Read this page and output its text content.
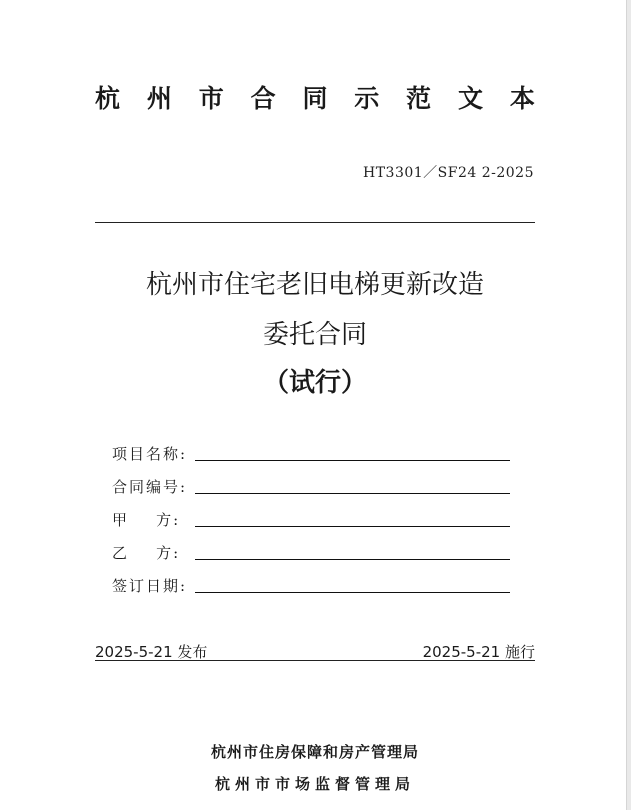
杭 州 市 合 同 示 范 文 本
HT3301／SF24 2-2025
杭州市住宅老旧电梯更新改造
委托合同
（试行）
项目名称:
合同编号:
甲    方:
乙    方:
签订日期:
2025-5-21 发布	2025-5-21 施行
杭州市住房保障和房产管理局
杭州市市场监督管理局
